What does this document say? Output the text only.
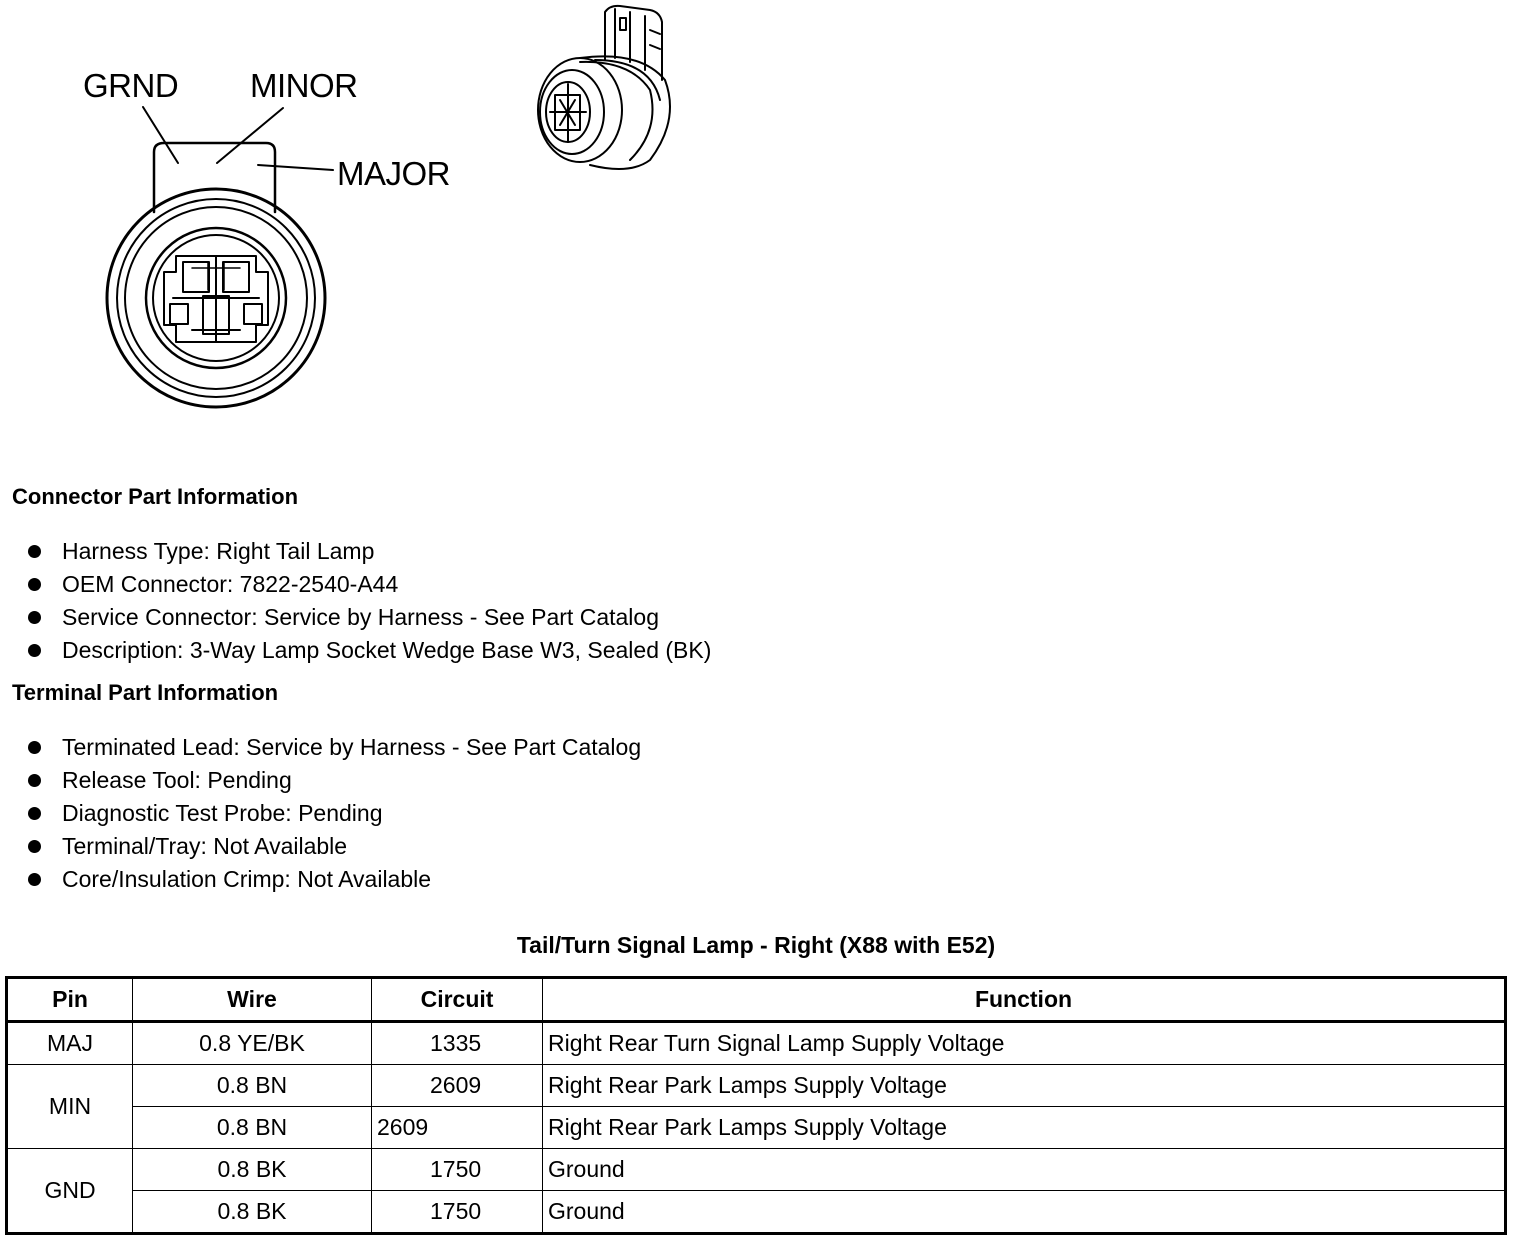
GRND MINOR
MAJOR
Connector Part Information
Harness Type: Right Tail Lamp
OEM Connector: 7822-2540-A44
Service Connector: Service by Harness - See Part Catalog
Description: 3-Way Lamp Socket Wedge Base W3, Sealed (BK)
Terminal Part Information
Terminated Lead: Service by Harness - See Part Catalog
Release Tool: Pending
Diagnostic Test Probe: Pending
Terminal/Tray: Not Available
Core/Insulation Crimp: Not Available
Tail/Turn Signal Lamp - Right (X88 with E52)
Pin	Wire	Circuit	Function
MAJ	0.8 YE/BK	1335	Right Rear Turn Signal Lamp Supply Voltage
MIN	0.8 BN	2609	Right Rear Park Lamps Supply Voltage
	0.8 BN	2609	Right Rear Park Lamps Supply Voltage
GND	0.8 BK	1750	Ground
	0.8 BK	1750	Ground
